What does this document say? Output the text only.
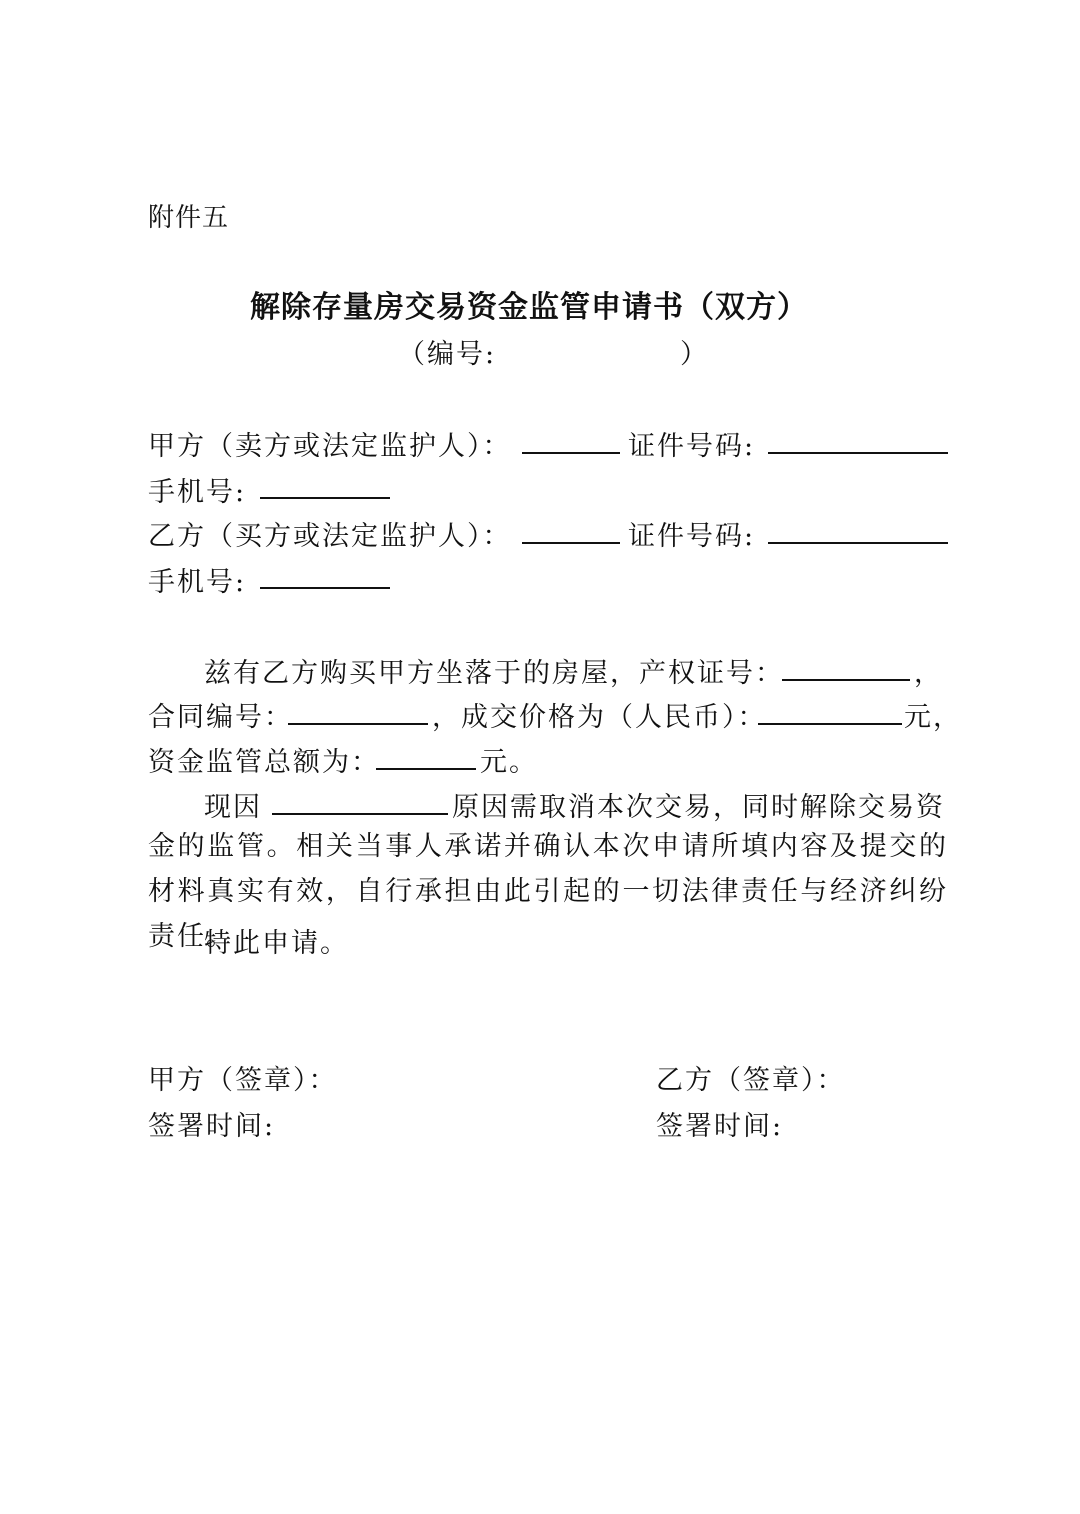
附件五
解除存量房交易资金监管申请书（双方）
（编号:	）
甲方（卖方或法定监护人）：	证件号码:
手机号:
乙方（买方或法定监护人）：	证件号码:
手机号:
兹有乙方购买甲方坐落于的房屋，产权证号：	，
合同编号：	，成交价格为（人民币）：	元，
资金监管总额为：	元。
现因	原因需取消本次交易，同时解除交易资
金的监管。相关当事人承诺并确认本次申请所填内容及提交的材料真实有效，自行承担由此引起的一切法律责任与经济纠纷责任。
特此申请。
甲方（签章）：
签署时间:
乙方（签章）：
签署时间:
